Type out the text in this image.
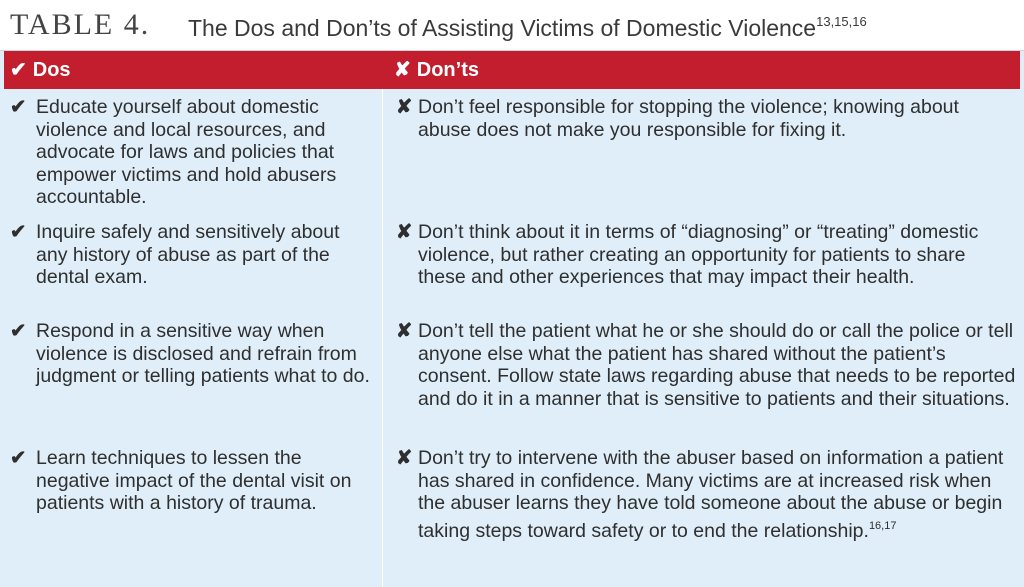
TABLE 4. The Dos and Don’ts of Assisting Victims of Domestic Violence$^{13,15,16}$
✔ Dos	✘ Don’ts
✔ Educate yourself about domestic violence and local resources, and advocate for laws and policies that empower victims and hold abusers accountable.
✘ Don’t feel responsible for stopping the violence; knowing about abuse does not make you responsible for fixing it.
✔ Inquire safely and sensitively about any history of abuse as part of the dental exam.
✘ Don’t think about it in terms of “diagnosing” or “treating” domestic violence, but rather creating an opportunity for patients to share these and other experiences that may impact their health.
✔ Respond in a sensitive way when violence is disclosed and refrain from judgment or telling patients what to do.
✘ Don’t tell the patient what he or she should do or call the police or tell anyone else what the patient has shared without the patient’s consent. Follow state laws regarding abuse that needs to be reported and do it in a manner that is sensitive to patients and their situations.
✔ Learn techniques to lessen the negative impact of the dental visit on patients with a history of trauma.
✘ Don’t try to intervene with the abuser based on information a patient has shared in confidence. Many victims are at increased risk when the abuser learns they have told someone about the abuse or begin taking steps toward safety or to end the relationship.$^{16,17}$
